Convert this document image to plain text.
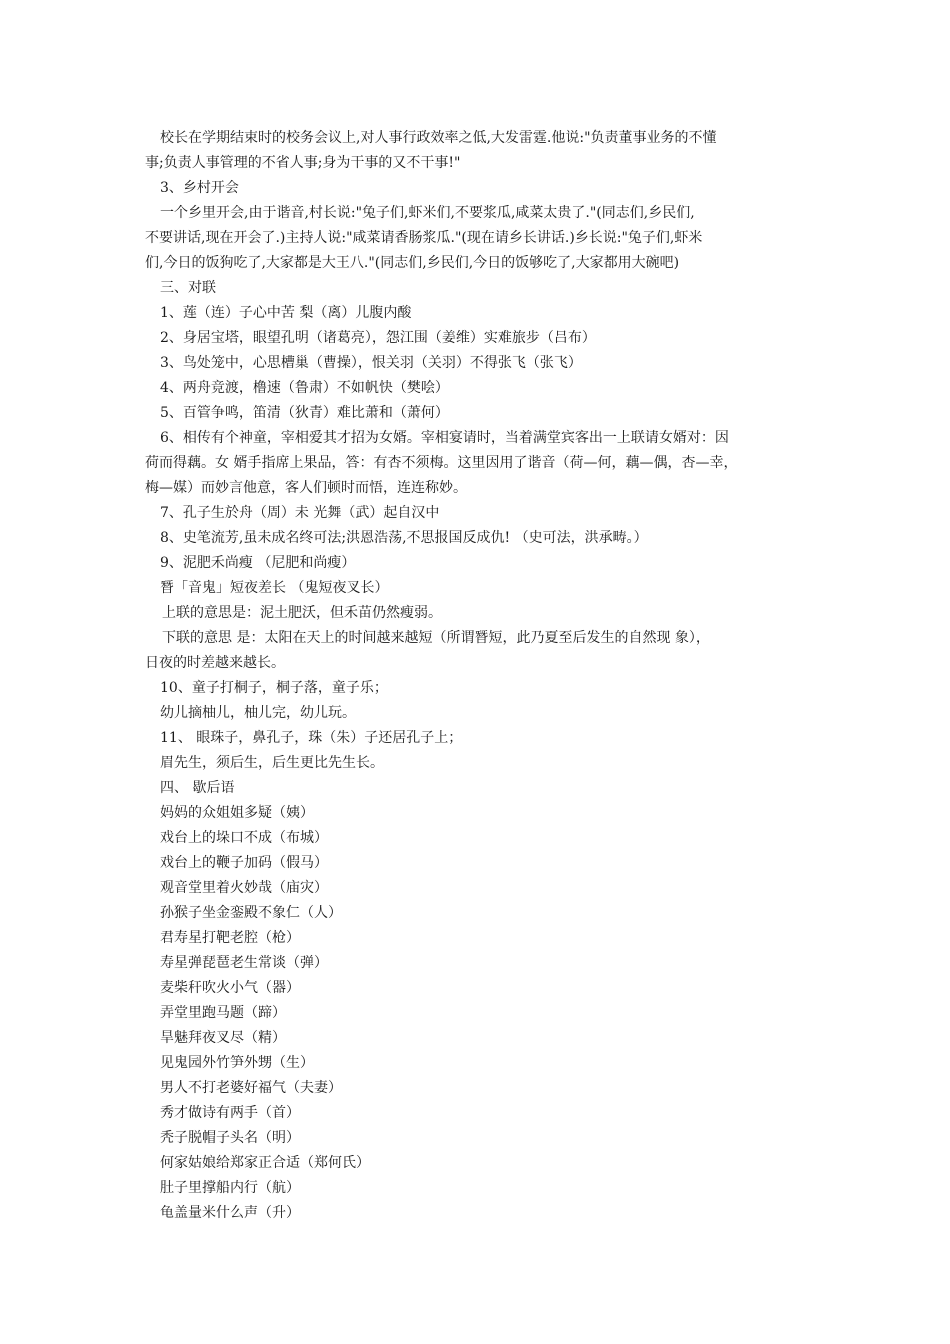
校长在学期结束时的校务会议上,对人事行政效率之低,大发雷霆.他说:"负责董事业务的不懂
事;负责人事管理的不省人事;身为干事的又不干事!"
3、乡村开会
一个乡里开会,由于谐音,村长说:"兔子们,虾米们,不要浆瓜,咸菜太贵了."(同志们,乡民们,
不要讲话,现在开会了.)主持人说:"咸菜请香肠浆瓜."(现在请乡长讲话.)乡长说:"兔子们,虾米
们,今日的饭狗吃了,大家都是大王八."(同志们,乡民们,今日的饭够吃了,大家都用大碗吧)
三、对联
1、莲（连）子心中苦 梨（离）儿腹内酸
2、身居宝塔，眼望孔明（诸葛亮），怨江围（姜维）实难旅步（吕布）
3、鸟处笼中，心思槽巢（曹操），恨关羽（关羽）不得张飞（张飞）
4、两舟竞渡，橹速（鲁肃）不如帆快（樊哙）
5、百管争鸣，笛清（狄青）难比萧和（萧何）
6、相传有个神童，宰相爱其才招为女婿。宰相宴请时，当着满堂宾客出一上联请女婿对：因
荷而得藕。女 婿手指席上果品，答：有杏不须梅。这里因用了谐音（荷—何，藕—偶，杏—幸，
梅—媒）而妙言他意，客人们顿时而悟，连连称妙。
7、孔子生於舟（周）未 光舞（武）起自汉中
8、史笔流芳,虽未成名终可法;洪恩浩荡,不思报国反成仇! （史可法，洪承畴。）
9、泥肥禾尚瘦 （尼肥和尚瘦）
朁「音鬼」短夜差长 （鬼短夜叉长）
上联的意思是：泥土肥沃，但禾苗仍然瘦弱。
下联的意思 是：太阳在天上的时间越来越短（所谓朁短，此乃夏至后发生的自然现 象），
日夜的时差越来越长。
10、童子打桐子，桐子落，童子乐；
幼儿摘柚儿，柚儿完，幼儿玩。
11、 眼珠子，鼻孔子，珠（朱）子还居孔子上；
眉先生，须后生，后生更比先生长。
四、 歇后语
妈妈的众姐姐多疑（姨）
戏台上的垛口不成（布城）
戏台上的鞭子加码（假马）
观音堂里着火妙哉（庙灾）
孙猴子坐金銮殿不象仁（人）
君寿星打靶老腔（枪）
寿星弹琵琶老生常谈（弹）
麦柴秆吹火小气（器）
弄堂里跑马题（蹄）
旱魅拜夜叉尽（精）
见鬼园外竹笋外甥（生）
男人不打老婆好福气（夫妻）
秀才做诗有两手（首）
秃子脱帽子头名（明）
何家姑娘给郑家正合适（郑何氏）
肚子里撑船内行（航）
龟盖量米什么声（升）
